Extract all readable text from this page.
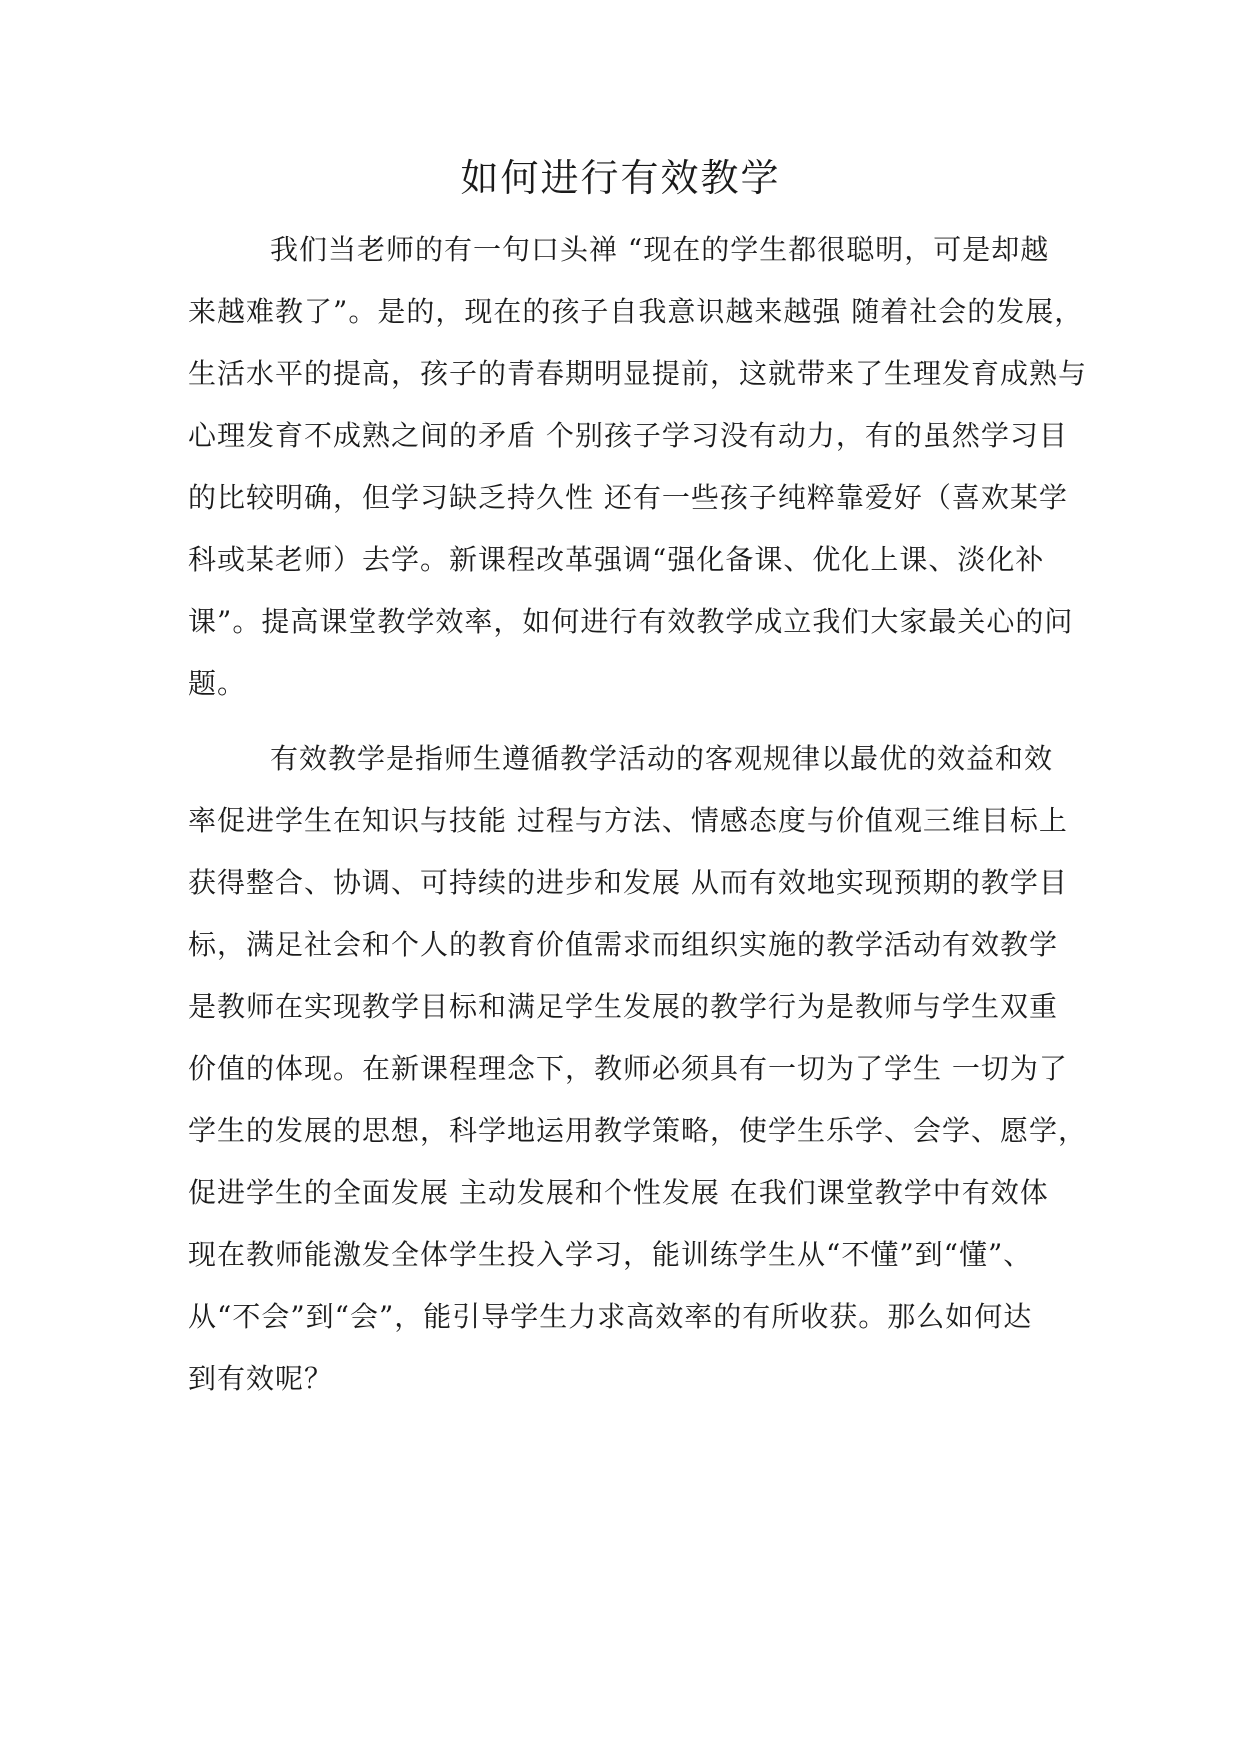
如何进行有效教学
我们当老师的有一句口头禅 “现在的学生都很聪明，可是却越
来越难教了”。是的，现在的孩子自我意识越来越强 随着社会的发展，
生活水平的提高，孩子的青春期明显提前，这就带来了生理发育成熟与
心理发育不成熟之间的矛盾 个别孩子学习没有动力，有的虽然学习目
的比较明确，但学习缺乏持久性 还有一些孩子纯粹靠爱好（喜欢某学
科或某老师）去学。新课程改革强调“强化备课、优化上课、淡化补
课”。提高课堂教学效率，如何进行有效教学成立我们大家最关心的问
题。
有效教学是指师生遵循教学活动的客观规律以最优的效益和效
率促进学生在知识与技能 过程与方法、情感态度与价值观三维目标上
获得整合、协调、可持续的进步和发展 从而有效地实现预期的教学目
标，满足社会和个人的教育价值需求而组织实施的教学活动有效教学
是教师在实现教学目标和满足学生发展的教学行为是教师与学生双重
价值的体现。在新课程理念下，教师必须具有一切为了学生 一切为了
学生的发展的思想，科学地运用教学策略，使学生乐学、会学、愿学，
促进学生的全面发展 主动发展和个性发展 在我们课堂教学中有效体
现在教师能激发全体学生投入学习，能训练学生从“不懂”到“懂”、
从“不会”到“会”，能引导学生力求高效率的有所收获。那么如何达
到有效呢？
